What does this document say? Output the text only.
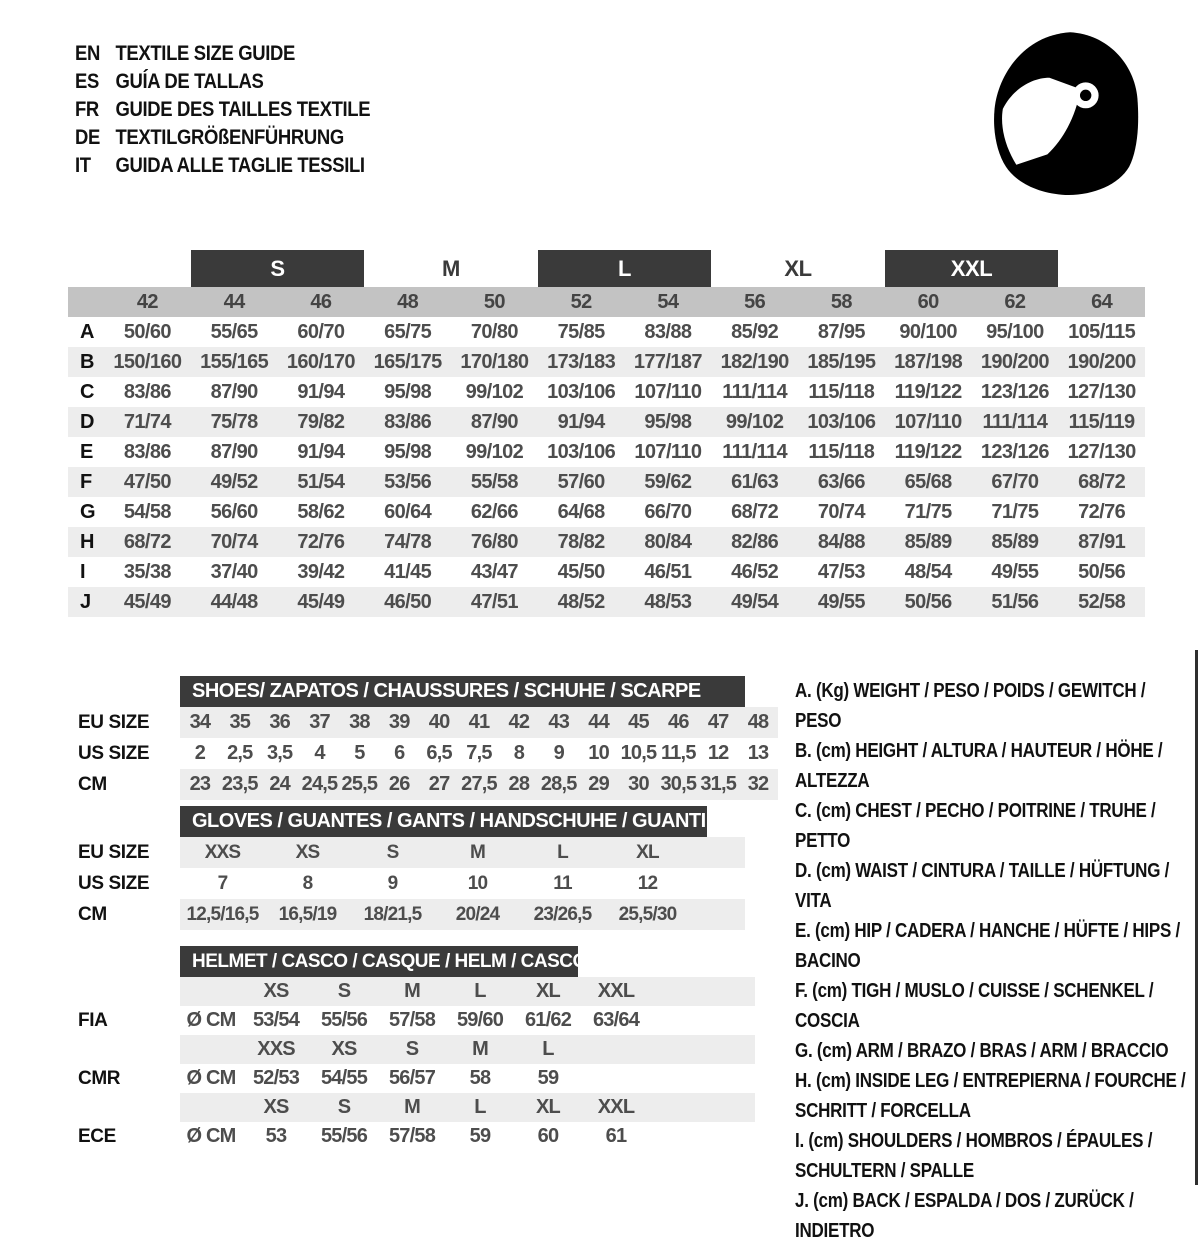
EN TEXTILE SIZE GUIDE
ES GUÍA DE TALLAS
FR GUIDE DES TAILLES TEXTILE
DE TEXTILGRÖßENFÜHRUNG
IT	GUIDA ALLE TAGLIE TESSILI
S	M	L	XL	XXL
42	44	46	48	50	52	54	56	58	60	62	64
A	50/60	55/65	60/70	65/75	70/80	75/85	83/88	85/92	87/95	90/100	95/100	105/115
B 150/160 155/165 160/170 165/175 170/180 173/183 177/187 182/190 185/195 187/198 190/200 190/200
C	83/86	87/90	91/94	95/98	99/102	103/106 107/110	111/114	115/118	119/122 123/126 127/130
D	71/74	75/78	79/82	83/86	87/90	91/94	95/98	99/102	103/106 107/110	111/114	115/119
E	83/86	87/90	91/94	95/98	99/102	103/106 107/110	111/114	115/118	119/122 123/126 127/130
F	47/50	49/52	51/54	53/56	55/58	57/60	59/62	61/63	63/66	65/68	67/70	68/72
G	54/58	56/60	58/62	60/64	62/66	64/68	66/70	68/72	70/74	71/75	71/75	72/76
H	68/72	70/74	72/76	74/78	76/80	78/82	80/84	82/86	84/88	85/89	85/89	87/91
I	35/38	37/40	39/42	41/45	43/47	45/50	46/51	46/52	47/53	48/54	49/55	50/56
J	45/49	44/48	45/49	46/50	47/51	48/52	48/53	49/54	49/55	50/56	51/56	52/58
SHOES/ ZAPATOS / CHAUSSURES / SCHUHE / SCARPE
EU SIZE	34 35 36 37 38 39 40 41 42 43 44 45 46 47 48
US SIZE	2	2,5 3,5	4	5	6	6,5 7,5	8	9	10 10,5 11,5 12 13
CM	23 23,5 24 24,5 25,5 26 27 27,5 28 28,5 29 30 30,5 31,5 32
GLOVES / GUANTES / GANTS / HANDSCHUHE / GUANTI
EU SIZE	XXS	XS	S	M	L	XL
US SIZE	7	8	9	10	11	12
CM	12,5/16,5	16,5/19	18/21,5	20/24	23/26,5	25,5/30
HELMET / CASCO / CASQUE / HELM / CASCO
XS	S	M	L	XL	XXL
FIA	Ø CM 53/54	55/56	57/58	59/60	61/62	63/64
XXS	XS	S	M	L
CMR	Ø CM 52/53	54/55	56/57	58	59
XS	S	M	L	XL	XXL
ECE	Ø CM	53	55/56	57/58	59	60	61
A. (Kg) WEIGHT / PESO / POIDS / GEWITCH / PESO
B. (cm) HEIGHT / ALTURA / HAUTEUR / HÖHE / ALTEZZA
C. (cm) CHEST / PECHO / POITRINE / TRUHE / PETTO
D. (cm) WAIST / CINTURA / TAILLE / HÜFTUNG / VITA
E. (cm) HIP / CADERA / HANCHE / HÜFTE / HIPS / BACINO
F. (cm) TIGH / MUSLO / CUISSE / SCHENKEL / COSCIA
G. (cm) ARM / BRAZO / BRAS / ARM / BRACCIO
H. (cm) INSIDE LEG / ENTREPIERNA / FOURCHE / SCHRITT / FORCELLA
I. (cm) SHOULDERS / HOMBROS / ÉPAULES / SCHULTERN / SPALLE
J. (cm) BACK / ESPALDA / DOS / ZURÜCK / INDIETRO
